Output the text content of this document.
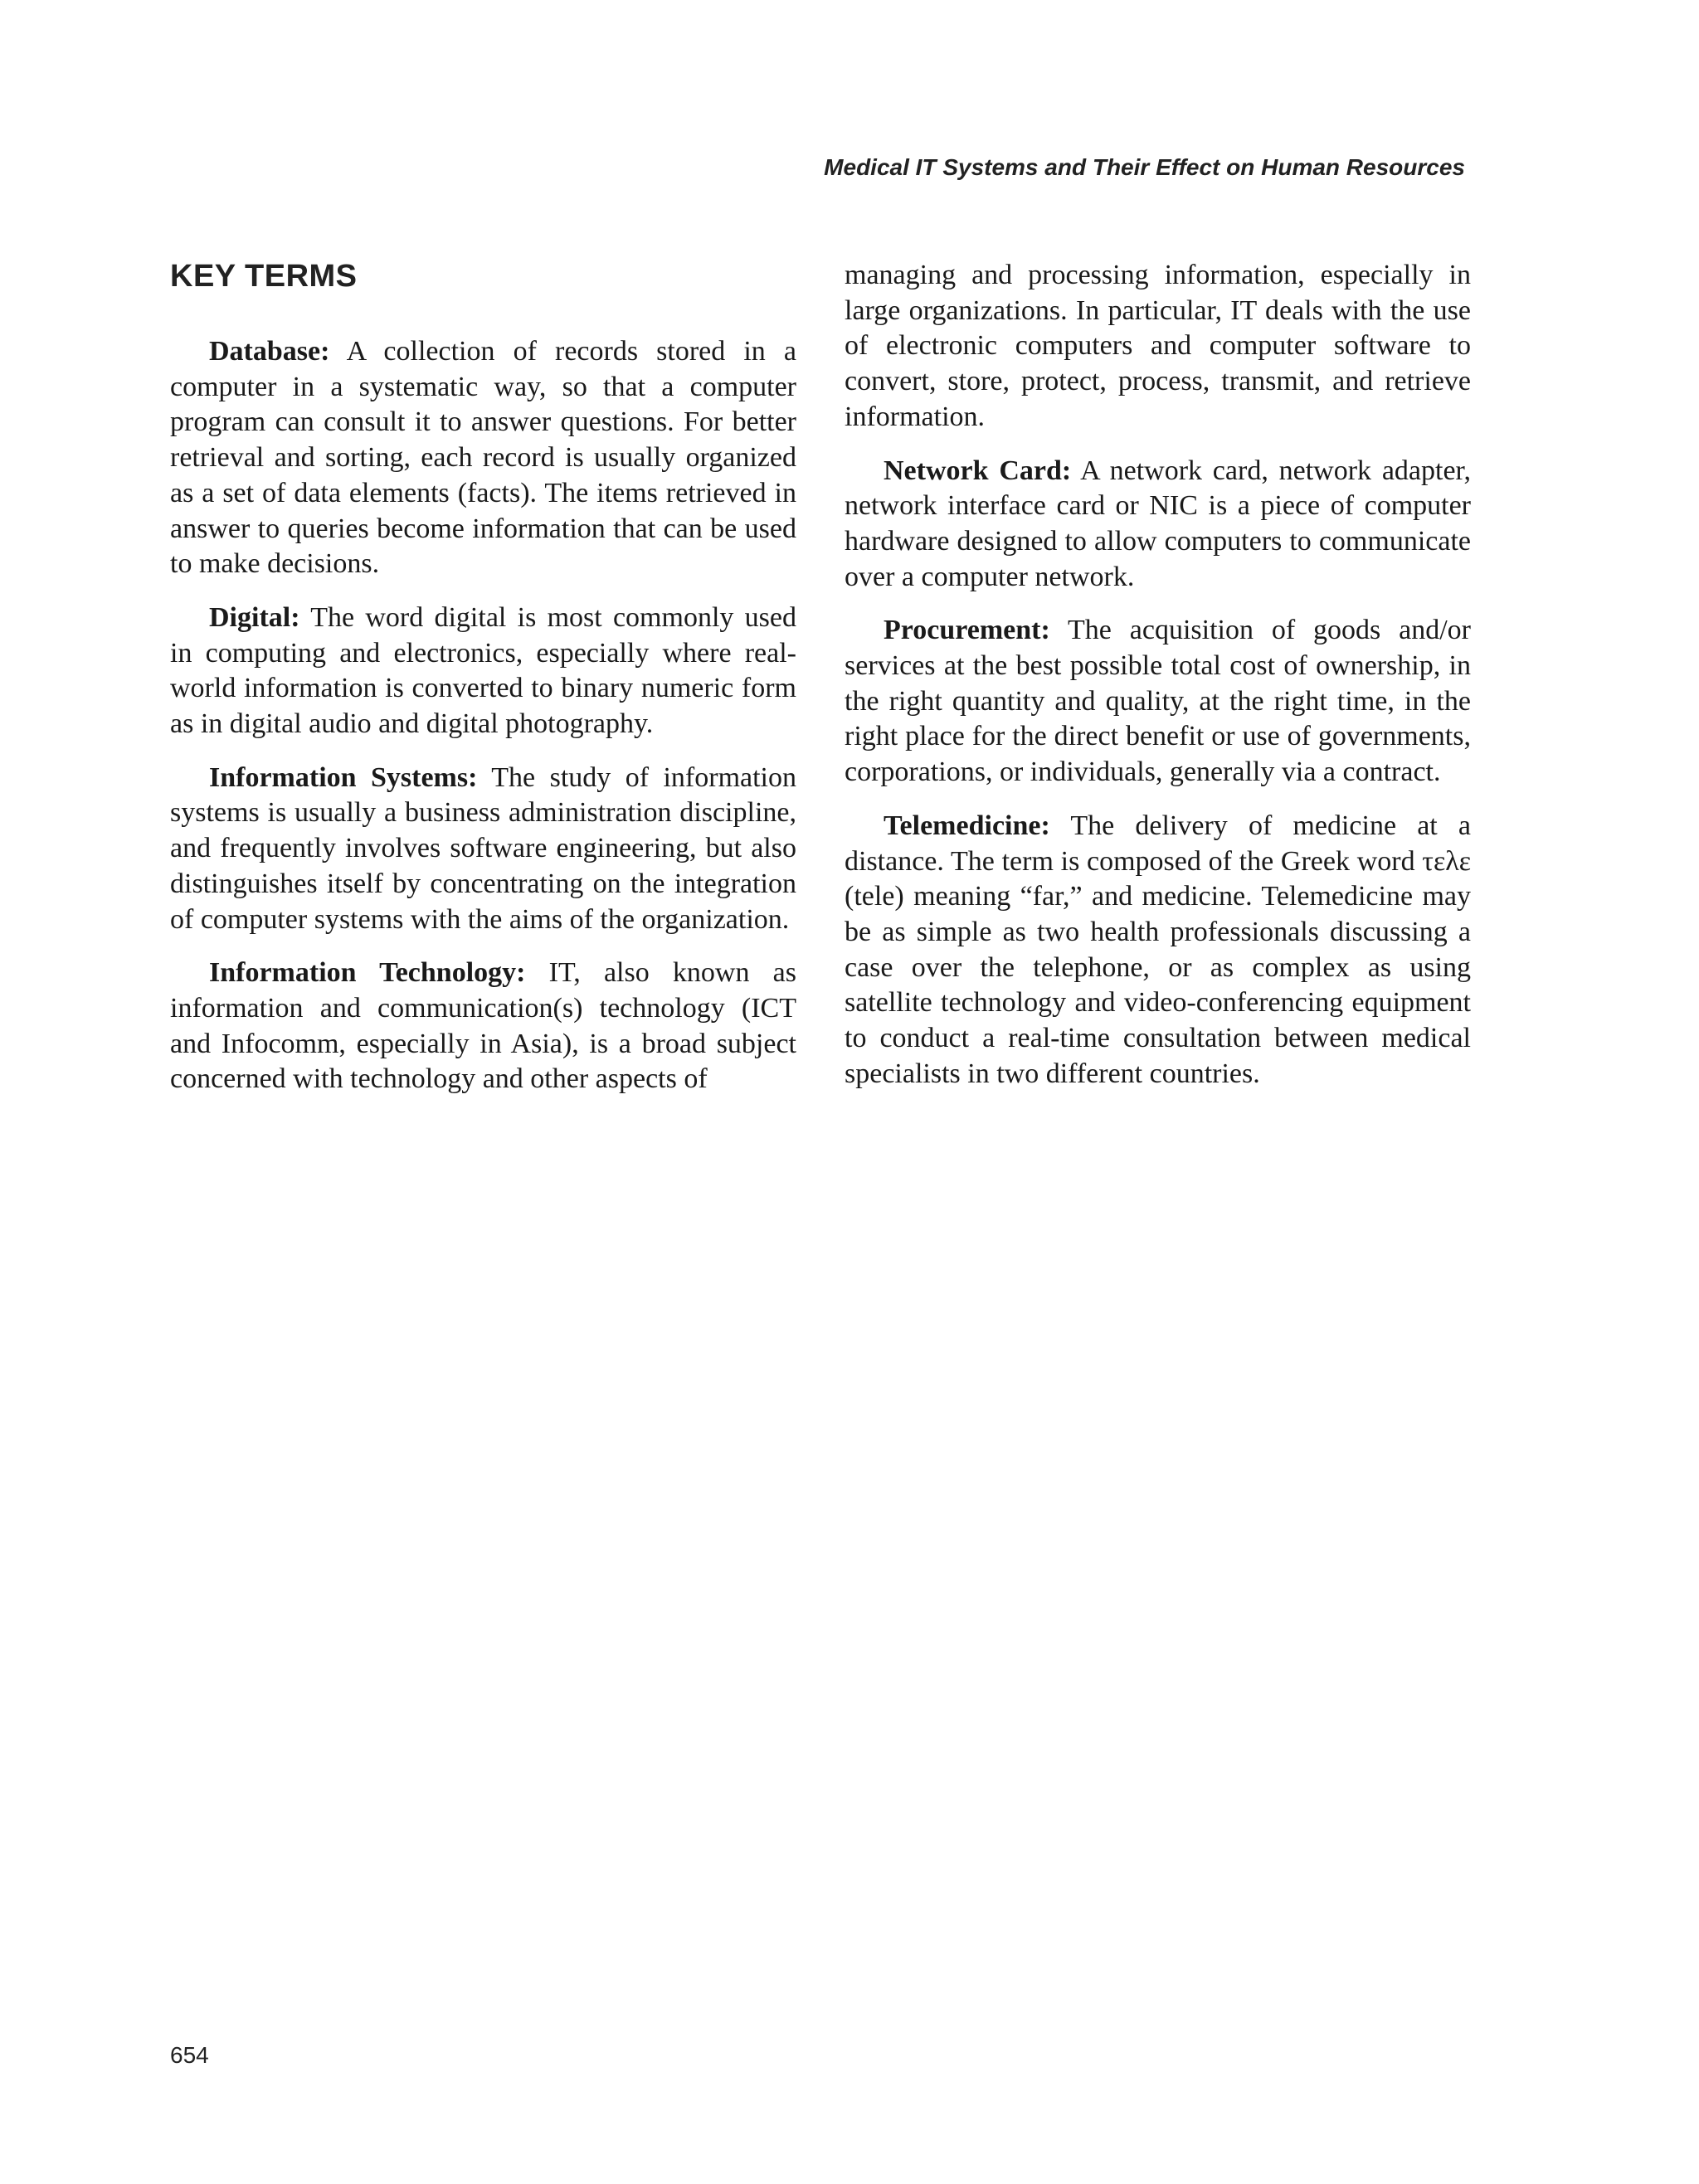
Medical IT Systems and Their Effect on Human Resources
KEY TERMS

Database: A collection of records stored in a computer in a systematic way, so that a computer program can consult it to answer questions. For better retrieval and sorting, each record is usually organized as a set of data elements (facts). The items retrieved in answer to queries become information that can be used to make decisions.

Digital: The word digital is most commonly used in computing and electronics, especially where real-world information is converted to binary numeric form as in digital audio and digital photography.

Information Systems: The study of information systems is usually a business administration discipline, and frequently involves software engineering, but also distinguishes itself by concentrating on the integration of computer systems with the aims of the organization.

Information Technology: IT, also known as information and communication(s) technology (ICT and Infocomm, especially in Asia), is a broad subject concerned with technology and other aspects of

managing and processing information, especially in large organizations. In particular, IT deals with the use of electronic computers and computer software to convert, store, protect, process, transmit, and retrieve information.

Network Card: A network card, network adapter, network interface card or NIC is a piece of computer hardware designed to allow computers to communicate over a computer network.

Procurement: The acquisition of goods and/or services at the best possible total cost of ownership, in the right quantity and quality, at the right time, in the right place for the direct benefit or use of governments, corporations, or individuals, generally via a contract.

Telemedicine: The delivery of medicine at a distance. The term is composed of the Greek word τελε (tele) meaning “far,” and medicine. Telemedicine may be as simple as two health professionals discussing a case over the telephone, or as complex as using satellite technology and video-conferencing equipment to conduct a real-time consultation between medical specialists in two different countries.

654
